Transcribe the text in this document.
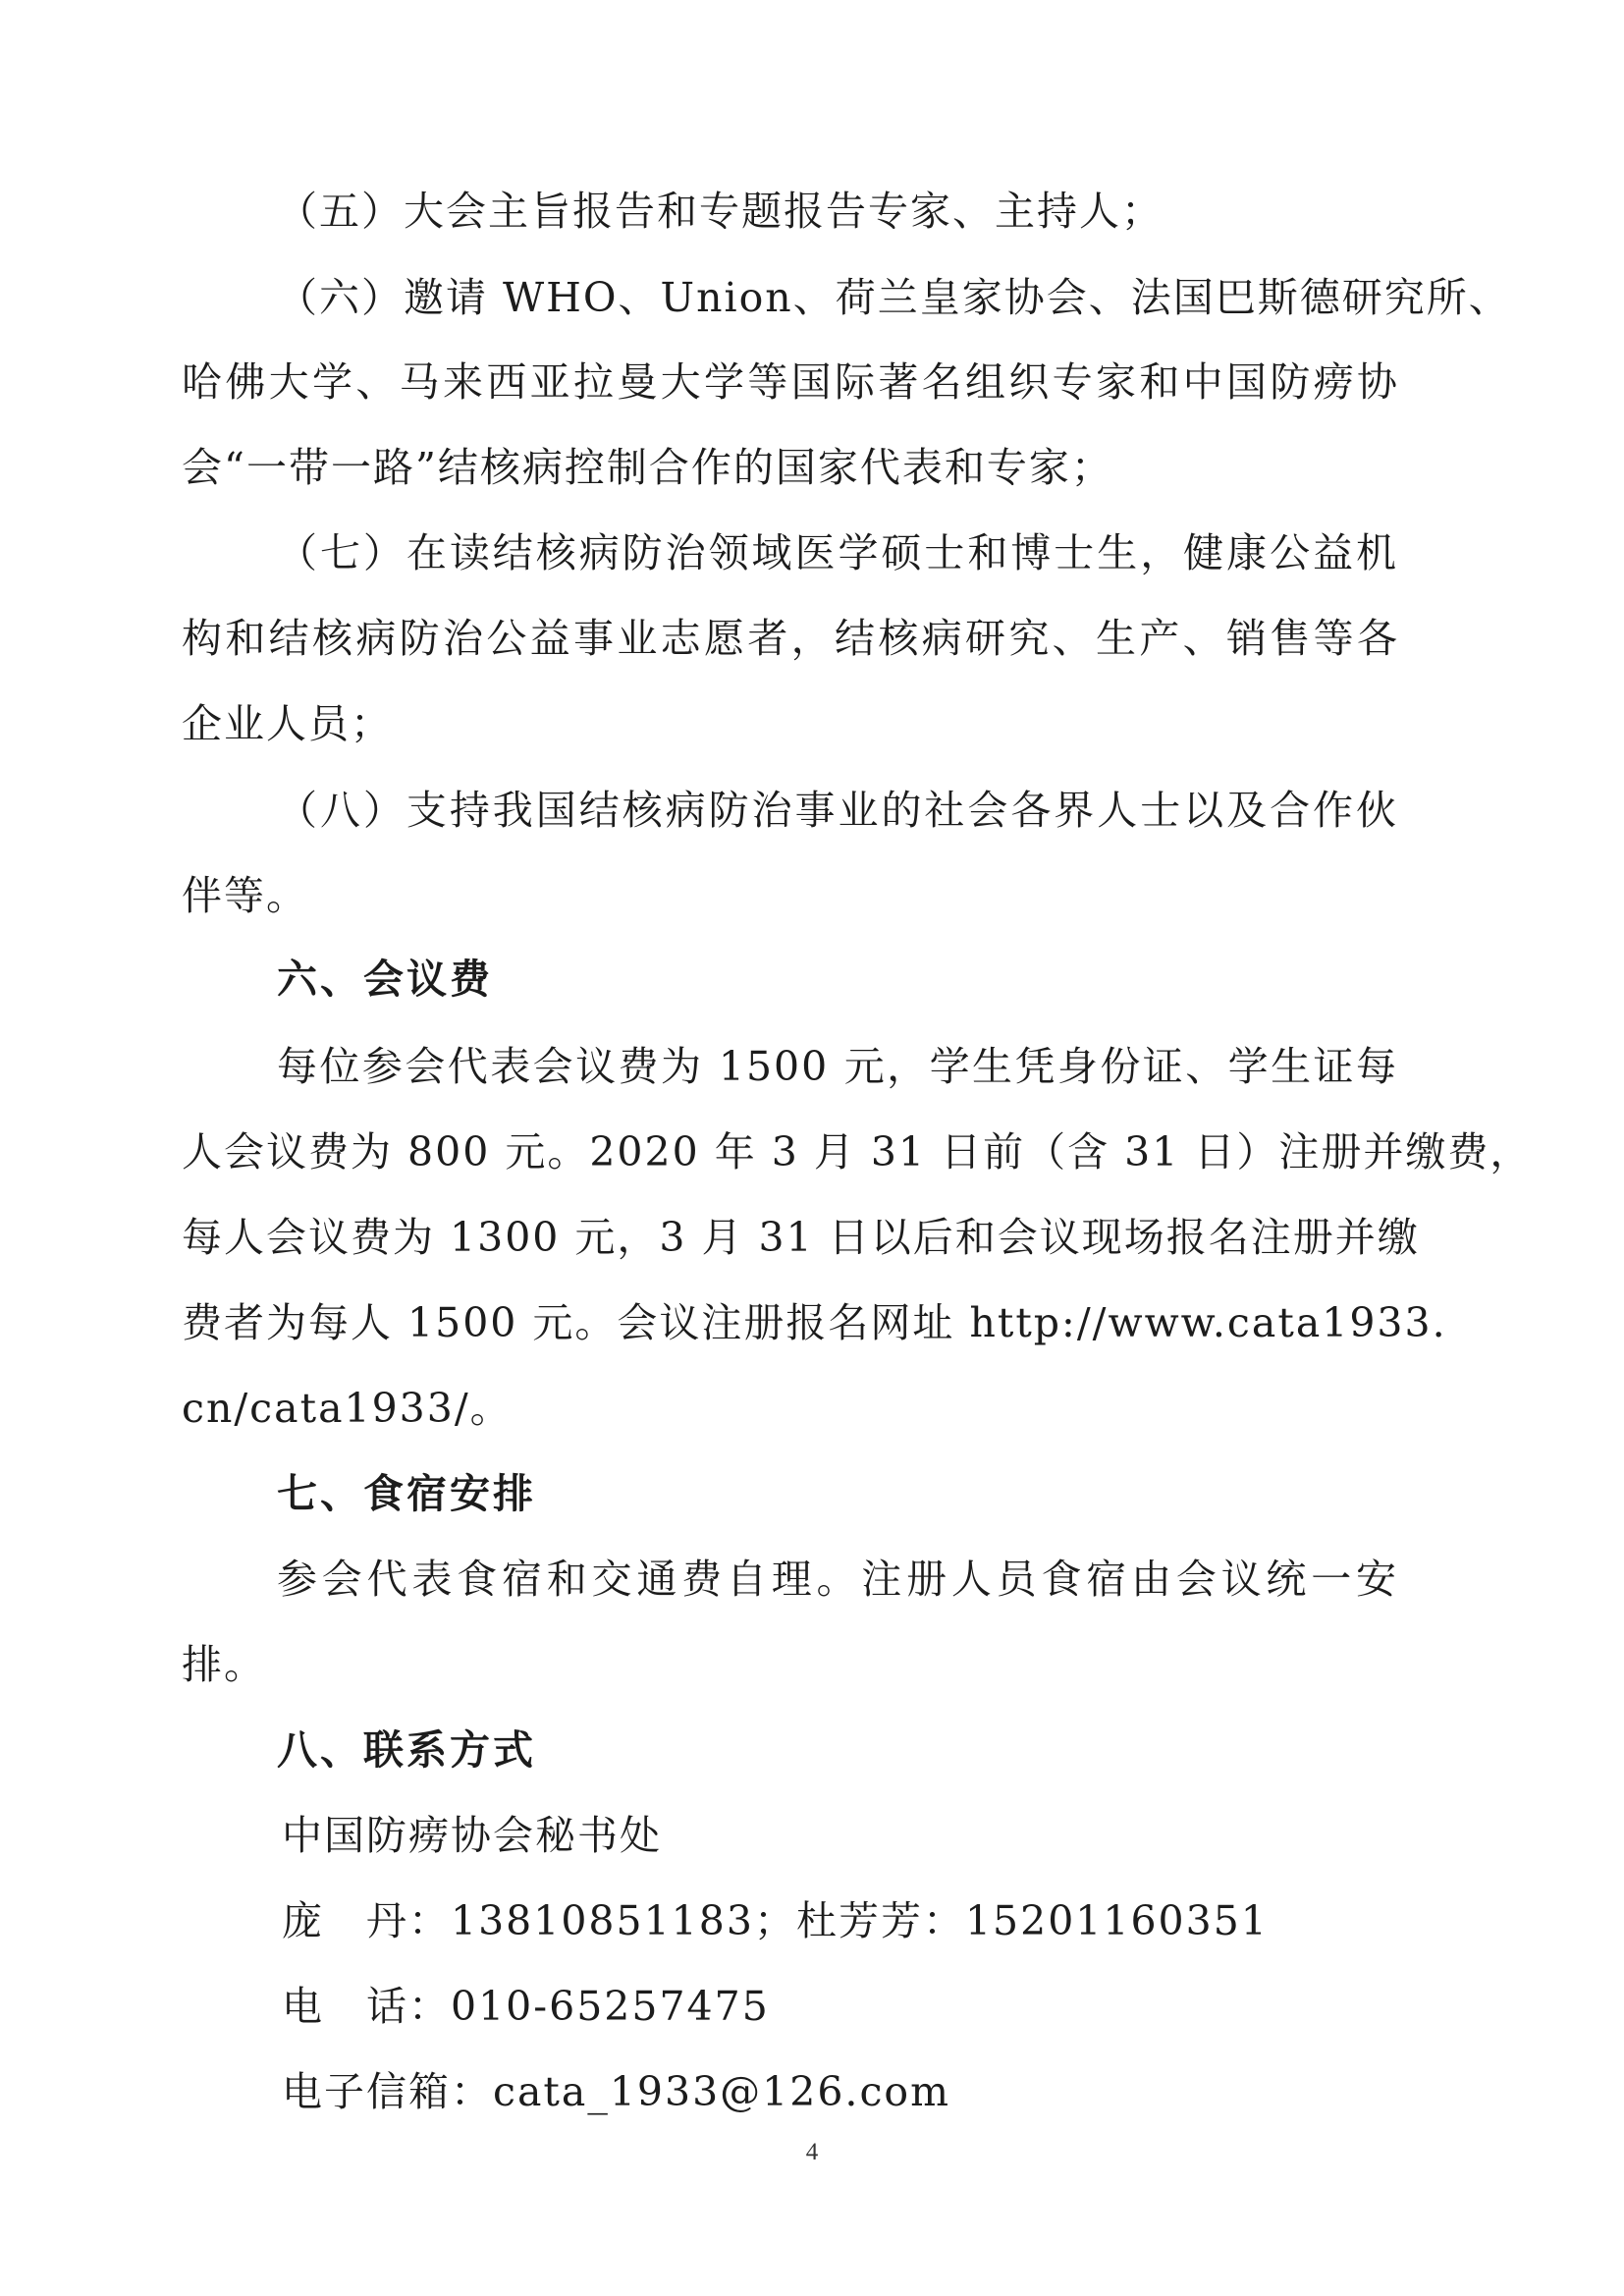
（五）大会主旨报告和专题报告专家、主持人；
（六）邀请 WHO、Union、荷兰皇家协会、法国巴斯德研究所、
哈佛大学、马来西亚拉曼大学等国际著名组织专家和中国防痨协
会“一带一路”结核病控制合作的国家代表和专家；
（七）在读结核病防治领域医学硕士和博士生，健康公益机
构和结核病防治公益事业志愿者，结核病研究、生产、销售等各
企业人员；
（八）支持我国结核病防治事业的社会各界人士以及合作伙
伴等。
六、会议费
每位参会代表会议费为 1500 元，学生凭身份证、学生证每
人会议费为 800 元。2020 年 3 月 31 日前（含 31 日）注册并缴费，
每人会议费为 1300 元，3 月 31 日以后和会议现场报名注册并缴
费者为每人 1500 元。会议注册报名网址 http://www.cata1933.
cn/cata1933/。
七、食宿安排
参会代表食宿和交通费自理。注册人员食宿由会议统一安
排。
八、联系方式
中国防痨协会秘书处
庞　丹：13810851183；杜芳芳：15201160351
电　话：010-65257475
电子信箱：cata_1933@126.com
4
